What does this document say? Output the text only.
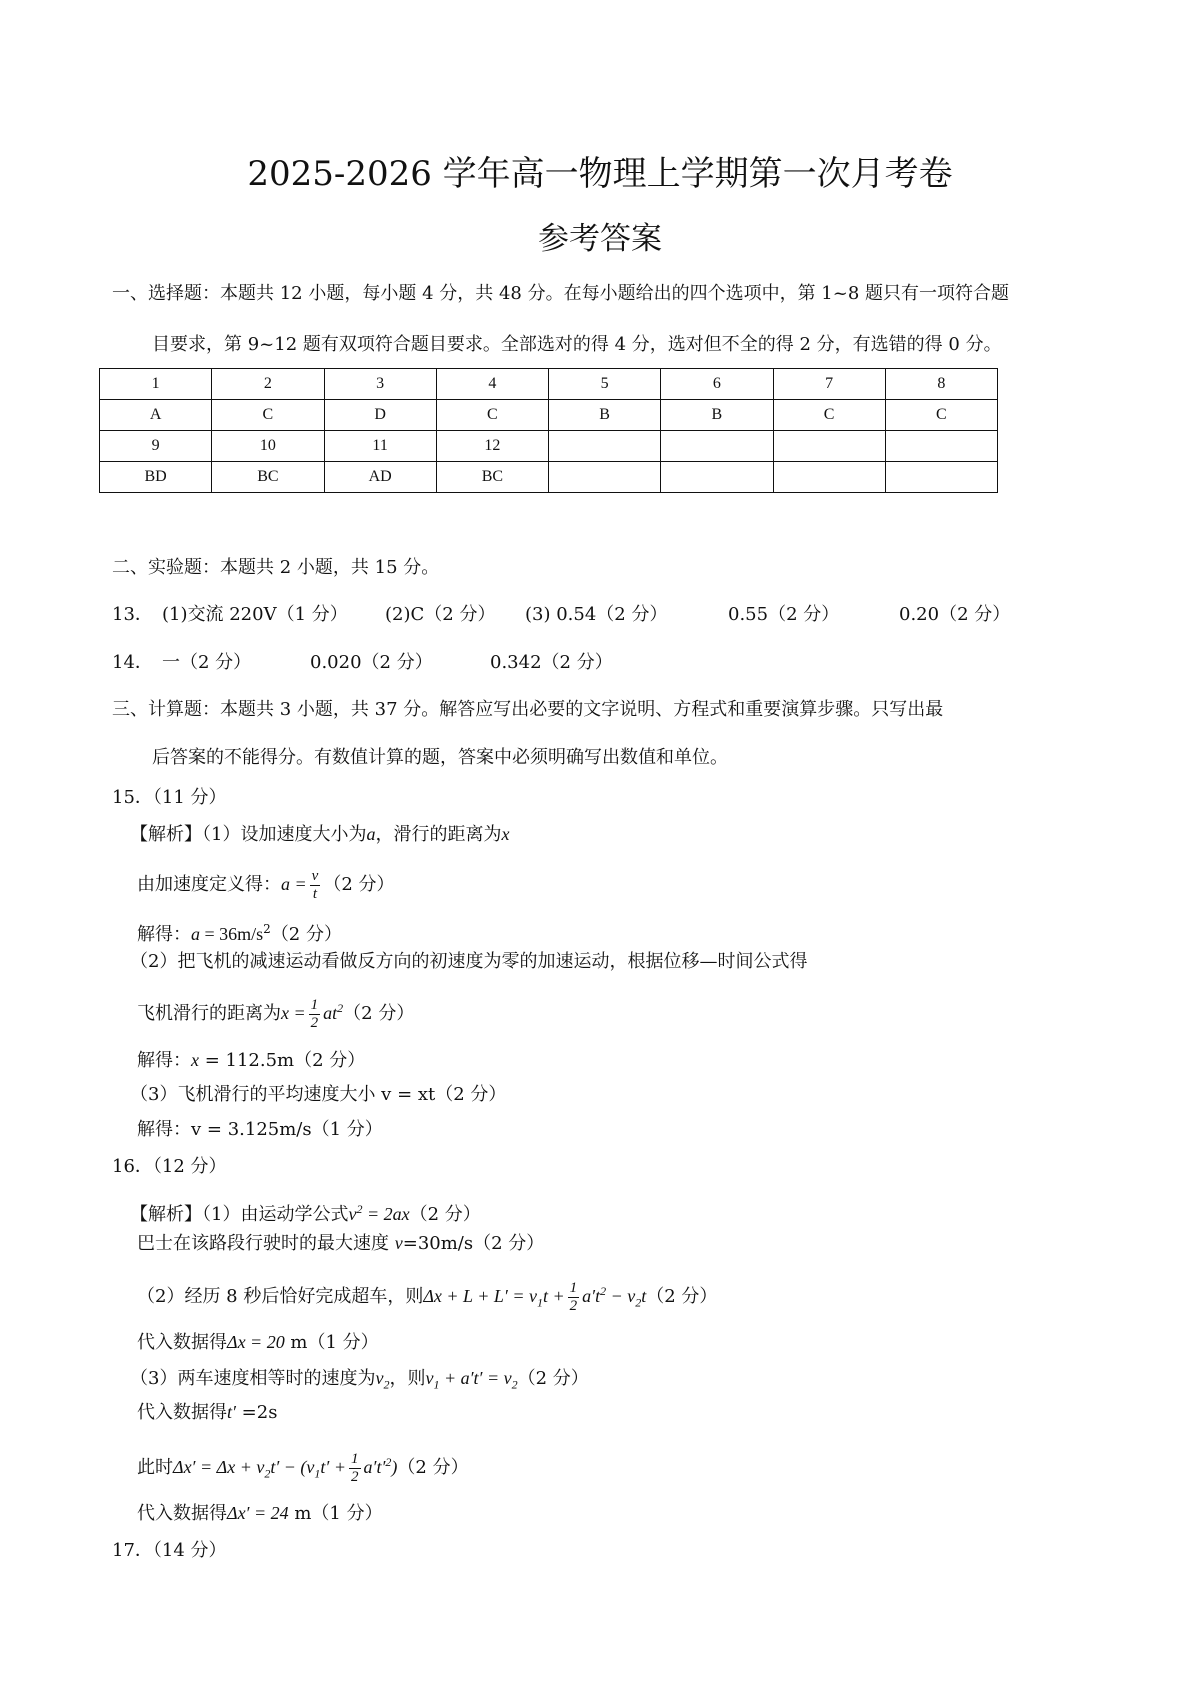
2025-2026 学年高一物理上学期第一次月考卷
参考答案
一、选择题：本题共 12 小题，每小题 4 分，共 48 分。在每小题给出的四个选项中，第 1~8 题只有一项符合题
目要求，第 9~12 题有双项符合题目要求。全部选对的得 4 分，选对但不全的得 2 分，有选错的得 0 分。
1	2	3	4	5	6	7	8
A	C	D	C	B	B	C	C
9	10	11	12				
BD	BC	AD	BC				
二、实验题：本题共 2 小题，共 15 分。
13． (1)交流 220V（1 分） (2)C（2 分） (3) 0.54（2 分）	0.55（2 分）	0.20（2 分）
14． 一（2 分）	0.020（2 分）	0.342（2 分）
三、计算题：本题共 3 小题，共 37 分。解答应写出必要的文字说明、方程式和重要演算步骤。只写出最
后答案的不能得分。有数值计算的题，答案中必须明确写出数值和单位。
15．（11 分）
【解析】（1）设加速度大小为a，滑行的距离为x
由加速度定义得：$a = \frac{v}{t} (2$ 分）
解得：$a = 36m/s^2(2$ 分）
（2）把飞机的减速运动看做反方向的初速度为零的加速运动，根据位移—时间公式得
飞机滑行的距离为$x = \frac{1}{2} at^2(2$ 分）
解得：x = 112.5m（2 分）
（3）飞机滑行的平均速度大小 v = xt（2 分）
解得：v = 3.125m/s（1 分）
16．（12 分）
【解析】（1）由运动学公式$v^2 = 2ax(2$ 分）
巴士在该路段行驶时的最大速度 v=30m/s（2 分）
（2）经历 8 秒后恰好完成超车，则$\Delta x + L + L' = v_1t + \frac{1}{2} a't^2 - v_2t(2$ 分）
代入数据得Δx = 20 m（1 分）
（3）两车速度相等时的速度为$v_2$，则$v_1 + a't' = v_2(2$ 分）
代入数据得t′ =2s
此时$\Delta x' = \Delta x + v_2t' - (v_1t' + \frac{1}{2} a't'^2)(2$ 分）
代入数据得Δx′ = 24 m（1 分）
17．（14 分）
